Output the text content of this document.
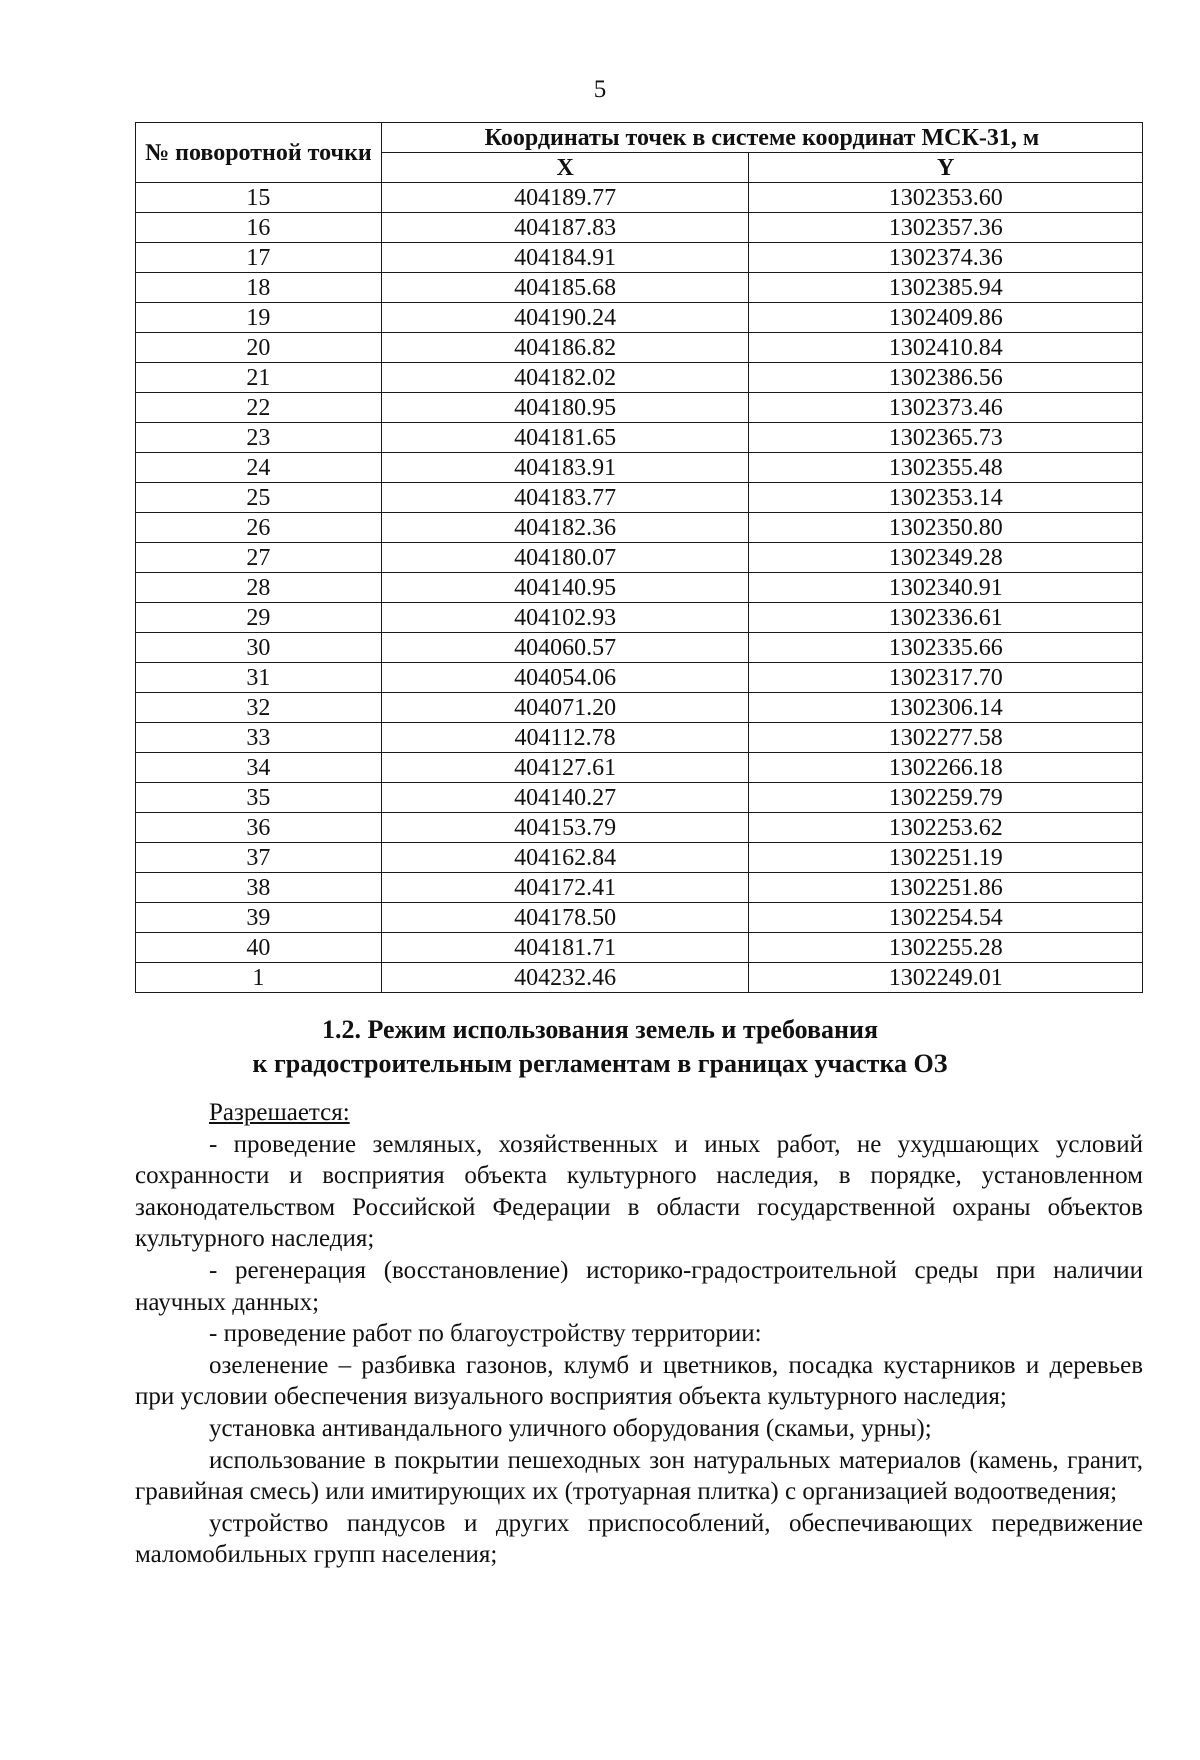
5
№ поворотной точки	Координаты точек в системе координат МСК-31, м	
	X	Y
15	404189.77	1302353.60
16	404187.83	1302357.36
17	404184.91	1302374.36
18	404185.68	1302385.94
19	404190.24	1302409.86
20	404186.82	1302410.84
21	404182.02	1302386.56
22	404180.95	1302373.46
23	404181.65	1302365.73
24	404183.91	1302355.48
25	404183.77	1302353.14
26	404182.36	1302350.80
27	404180.07	1302349.28
28	404140.95	1302340.91
29	404102.93	1302336.61
30	404060.57	1302335.66
31	404054.06	1302317.70
32	404071.20	1302306.14
33	404112.78	1302277.58
34	404127.61	1302266.18
35	404140.27	1302259.79
36	404153.79	1302253.62
37	404162.84	1302251.19
38	404172.41	1302251.86
39	404178.50	1302254.54
40	404181.71	1302255.28
1	404232.46	1302249.01
1.2. Режим использования земель и требования
к градостроительным регламентам в границах участка ОЗ

Разрешается:

- проведение земляных, хозяйственных и иных работ, не ухудшающих условий сохранности и восприятия объекта культурного наследия, в порядке, установленном законодательством Российской Федерации в области государственной охраны объектов культурного наследия;

- регенерация (восстановление) историко-градостроительной среды при наличии научных данных;

- проведение работ по благоустройству территории:

озеленение – разбивка газонов, клумб и цветников, посадка кустарников и деревьев при условии обеспечения визуального восприятия объекта культурного наследия;

установка антивандального уличного оборудования (скамьи, урны);

использование в покрытии пешеходных зон натуральных материалов (камень, гранит, гравийная смесь) или имитирующих их (тротуарная плитка) с организацией водоотведения;

устройство пандусов и других приспособлений, обеспечивающих передвижение маломобильных групп населения;
